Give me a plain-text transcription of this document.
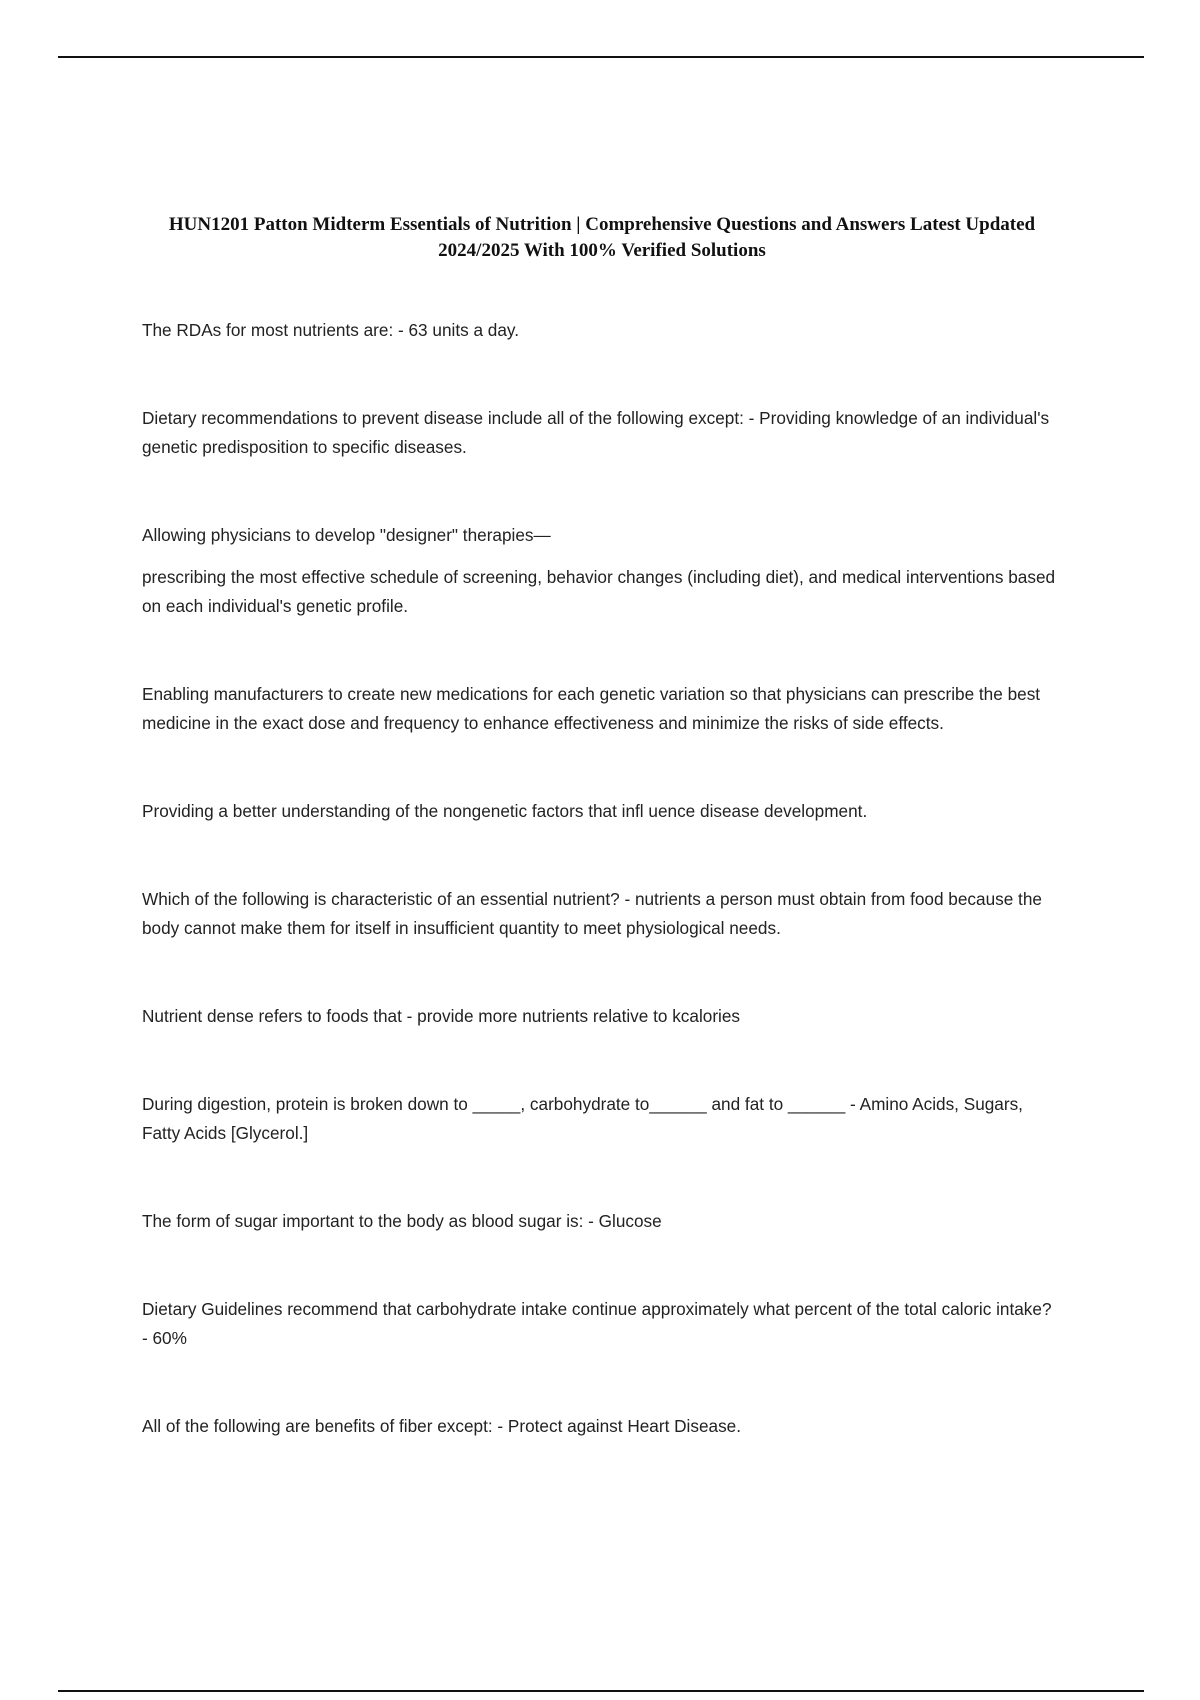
HUN1201 Patton Midterm Essentials of Nutrition | Comprehensive Questions and Answers Latest Updated 2024/2025 With 100% Verified Solutions

The RDAs for most nutrients are: - 63 units a day.

Dietary recommendations to prevent disease include all of the following except: - Providing knowledge of an individual's genetic predisposition to specific diseases.

Allowing physicians to develop "designer" therapies—

prescribing the most effective schedule of screening, behavior changes (including diet), and medical interventions based on each individual's genetic profile.

Enabling manufacturers to create new medications for each genetic variation so that physicians can prescribe the best medicine in the exact dose and frequency to enhance effectiveness and minimize the risks of side effects.

Providing a better understanding of the nongenetic factors that infl uence disease development.

Which of the following is characteristic of an essential nutrient? - nutrients a person must obtain from food because the body cannot make them for itself in insufficient quantity to meet physiological needs.

Nutrient dense refers to foods that - provide more nutrients relative to kcalories

During digestion, protein is broken down to _____, carbohydrate to______ and fat to ______ - Amino Acids, Sugars, Fatty Acids [Glycerol.]

The form of sugar important to the body as blood sugar is: - Glucose

Dietary Guidelines recommend that carbohydrate intake continue approximately what percent of the total caloric intake? - 60%

All of the following are benefits of fiber except: - Protect against Heart Disease.
